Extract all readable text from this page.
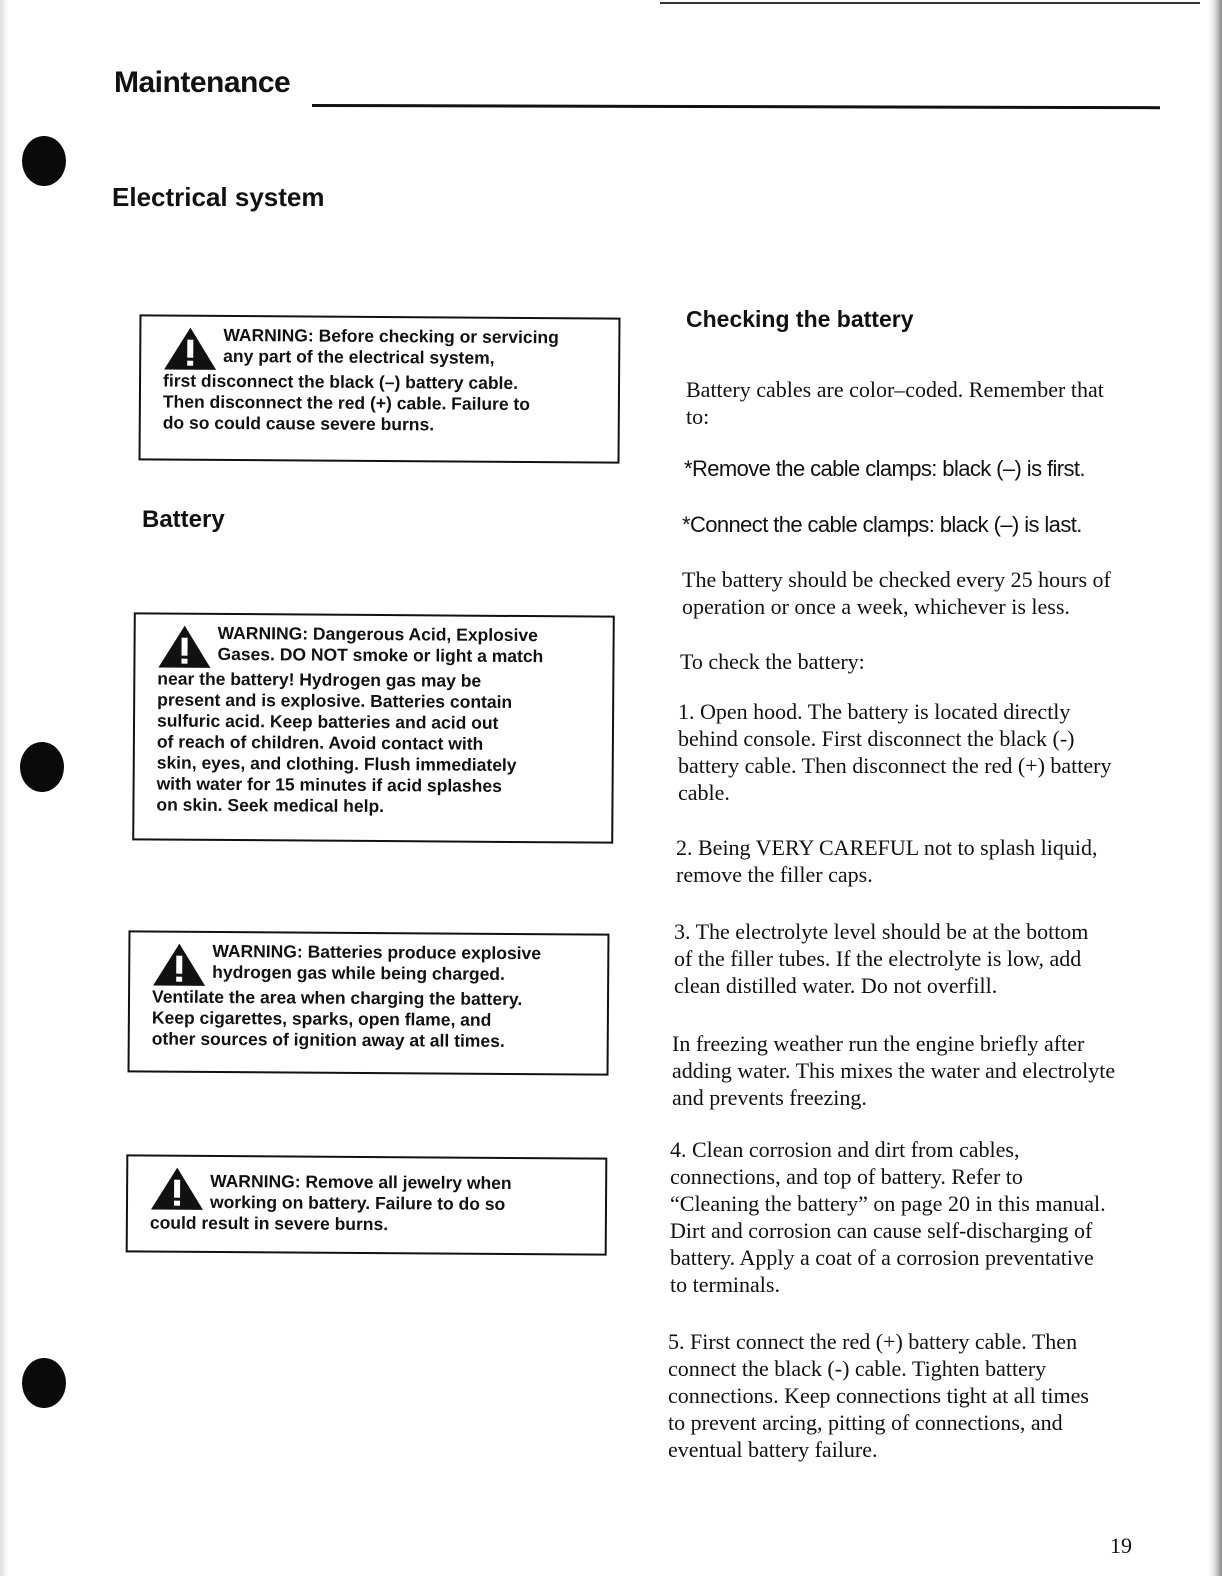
Maintenance
Electrical system

WARNING: Before checking or servicing

any part of the electrical system,

first disconnect the black (–) battery cable.

Then disconnect the red (+) cable. Failure to

do so could cause severe burns.

Battery

WARNING: Dangerous Acid, Explosive

Gases. DO NOT smoke or light a match

near the battery! Hydrogen gas may be

present and is explosive. Batteries contain

sulfuric acid. Keep batteries and acid out

of reach of children. Avoid contact with

skin, eyes, and clothing. Flush immediately

with water for 15 minutes if acid splashes

on skin. Seek medical help.

WARNING: Batteries produce explosive

hydrogen gas while being charged.

Ventilate the area when charging the battery.

Keep cigarettes, sparks, open flame, and

other sources of ignition away at all times.

WARNING: Remove all jewelry when

working on battery. Failure to do so

could result in severe burns.

Checking the battery

Battery cables are color–coded. Remember that

to:

*Remove the cable clamps: black (–) is first.
*Connect the cable clamps: black (–) is last.

The battery should be checked every 25 hours of

operation or once a week, whichever is less.

To check the battery:

1. Open hood. The battery is located directly

behind console. First disconnect the black (-)

battery cable. Then disconnect the red (+) battery

cable.

2. Being VERY CAREFUL not to splash liquid,

remove the filler caps.

3. The electrolyte level should be at the bottom

of the filler tubes. If the electrolyte is low, add

clean distilled water. Do not overfill.

In freezing weather run the engine briefly after

adding water. This mixes the water and electrolyte

and prevents freezing.

4. Clean corrosion and dirt from cables,

connections, and top of battery. Refer to

“Cleaning the battery” on page 20 in this manual.

Dirt and corrosion can cause self-discharging of

battery. Apply a coat of a corrosion preventative

to terminals.

5. First connect the red (+) battery cable. Then

connect the black (-) cable. Tighten battery

connections. Keep connections tight at all times

to prevent arcing, pitting of connections, and

eventual battery failure.

19
